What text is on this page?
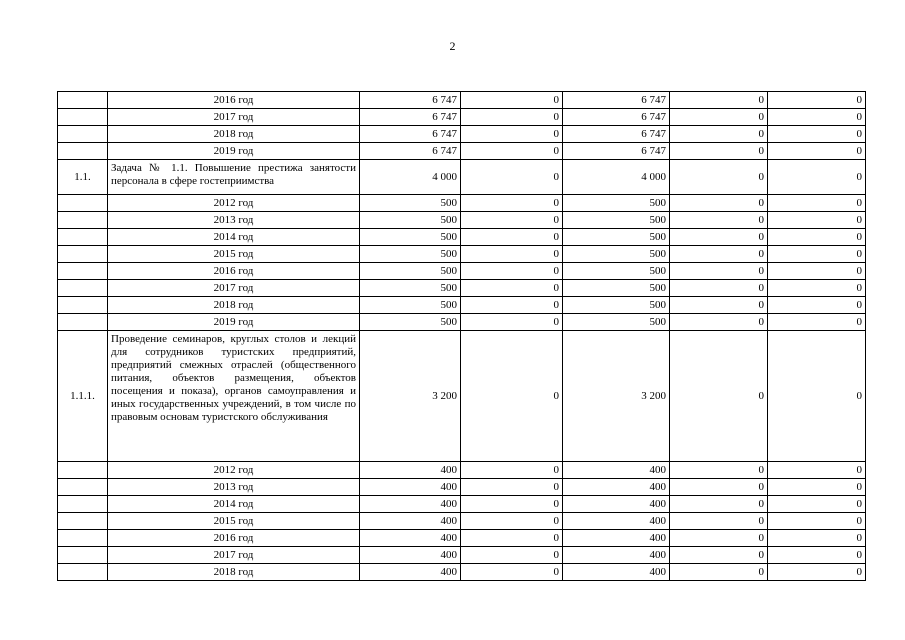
2
	2016 год	6 747	0	6 747	0	0
	2017 год	6 747	0	6 747	0	0
	2018 год	6 747	0	6 747	0	0
	2019 год	6 747	0	6 747	0	0
1.1.	Задача № 1.1. Повышение престижа занятости персонала в сфере гостеприимства	4 000	0	4 000	0	0
	2012 год	500	0	500	0	0
	2013 год	500	0	500	0	0
	2014 год	500	0	500	0	0
	2015 год	500	0	500	0	0
	2016 год	500	0	500	0	0
	2017 год	500	0	500	0	0
	2018 год	500	0	500	0	0
	2019 год	500	0	500	0	0
1.1.1.	Проведение семинаров, круглых столов и лекций для сотрудников туристских предприятий, предприятий смежных отраслей (общественного питания, объектов размещения, объектов посещения и показа), органов самоуправления и иных государственных учреждений, в том числе по правовым основам туристского обслуживания	3 200	0	3 200	0	0
	2012 год	400	0	400	0	0
	2013 год	400	0	400	0	0
	2014 год	400	0	400	0	0
	2015 год	400	0	400	0	0
	2016 год	400	0	400	0	0
	2017 год	400	0	400	0	0
	2018 год	400	0	400	0	0
